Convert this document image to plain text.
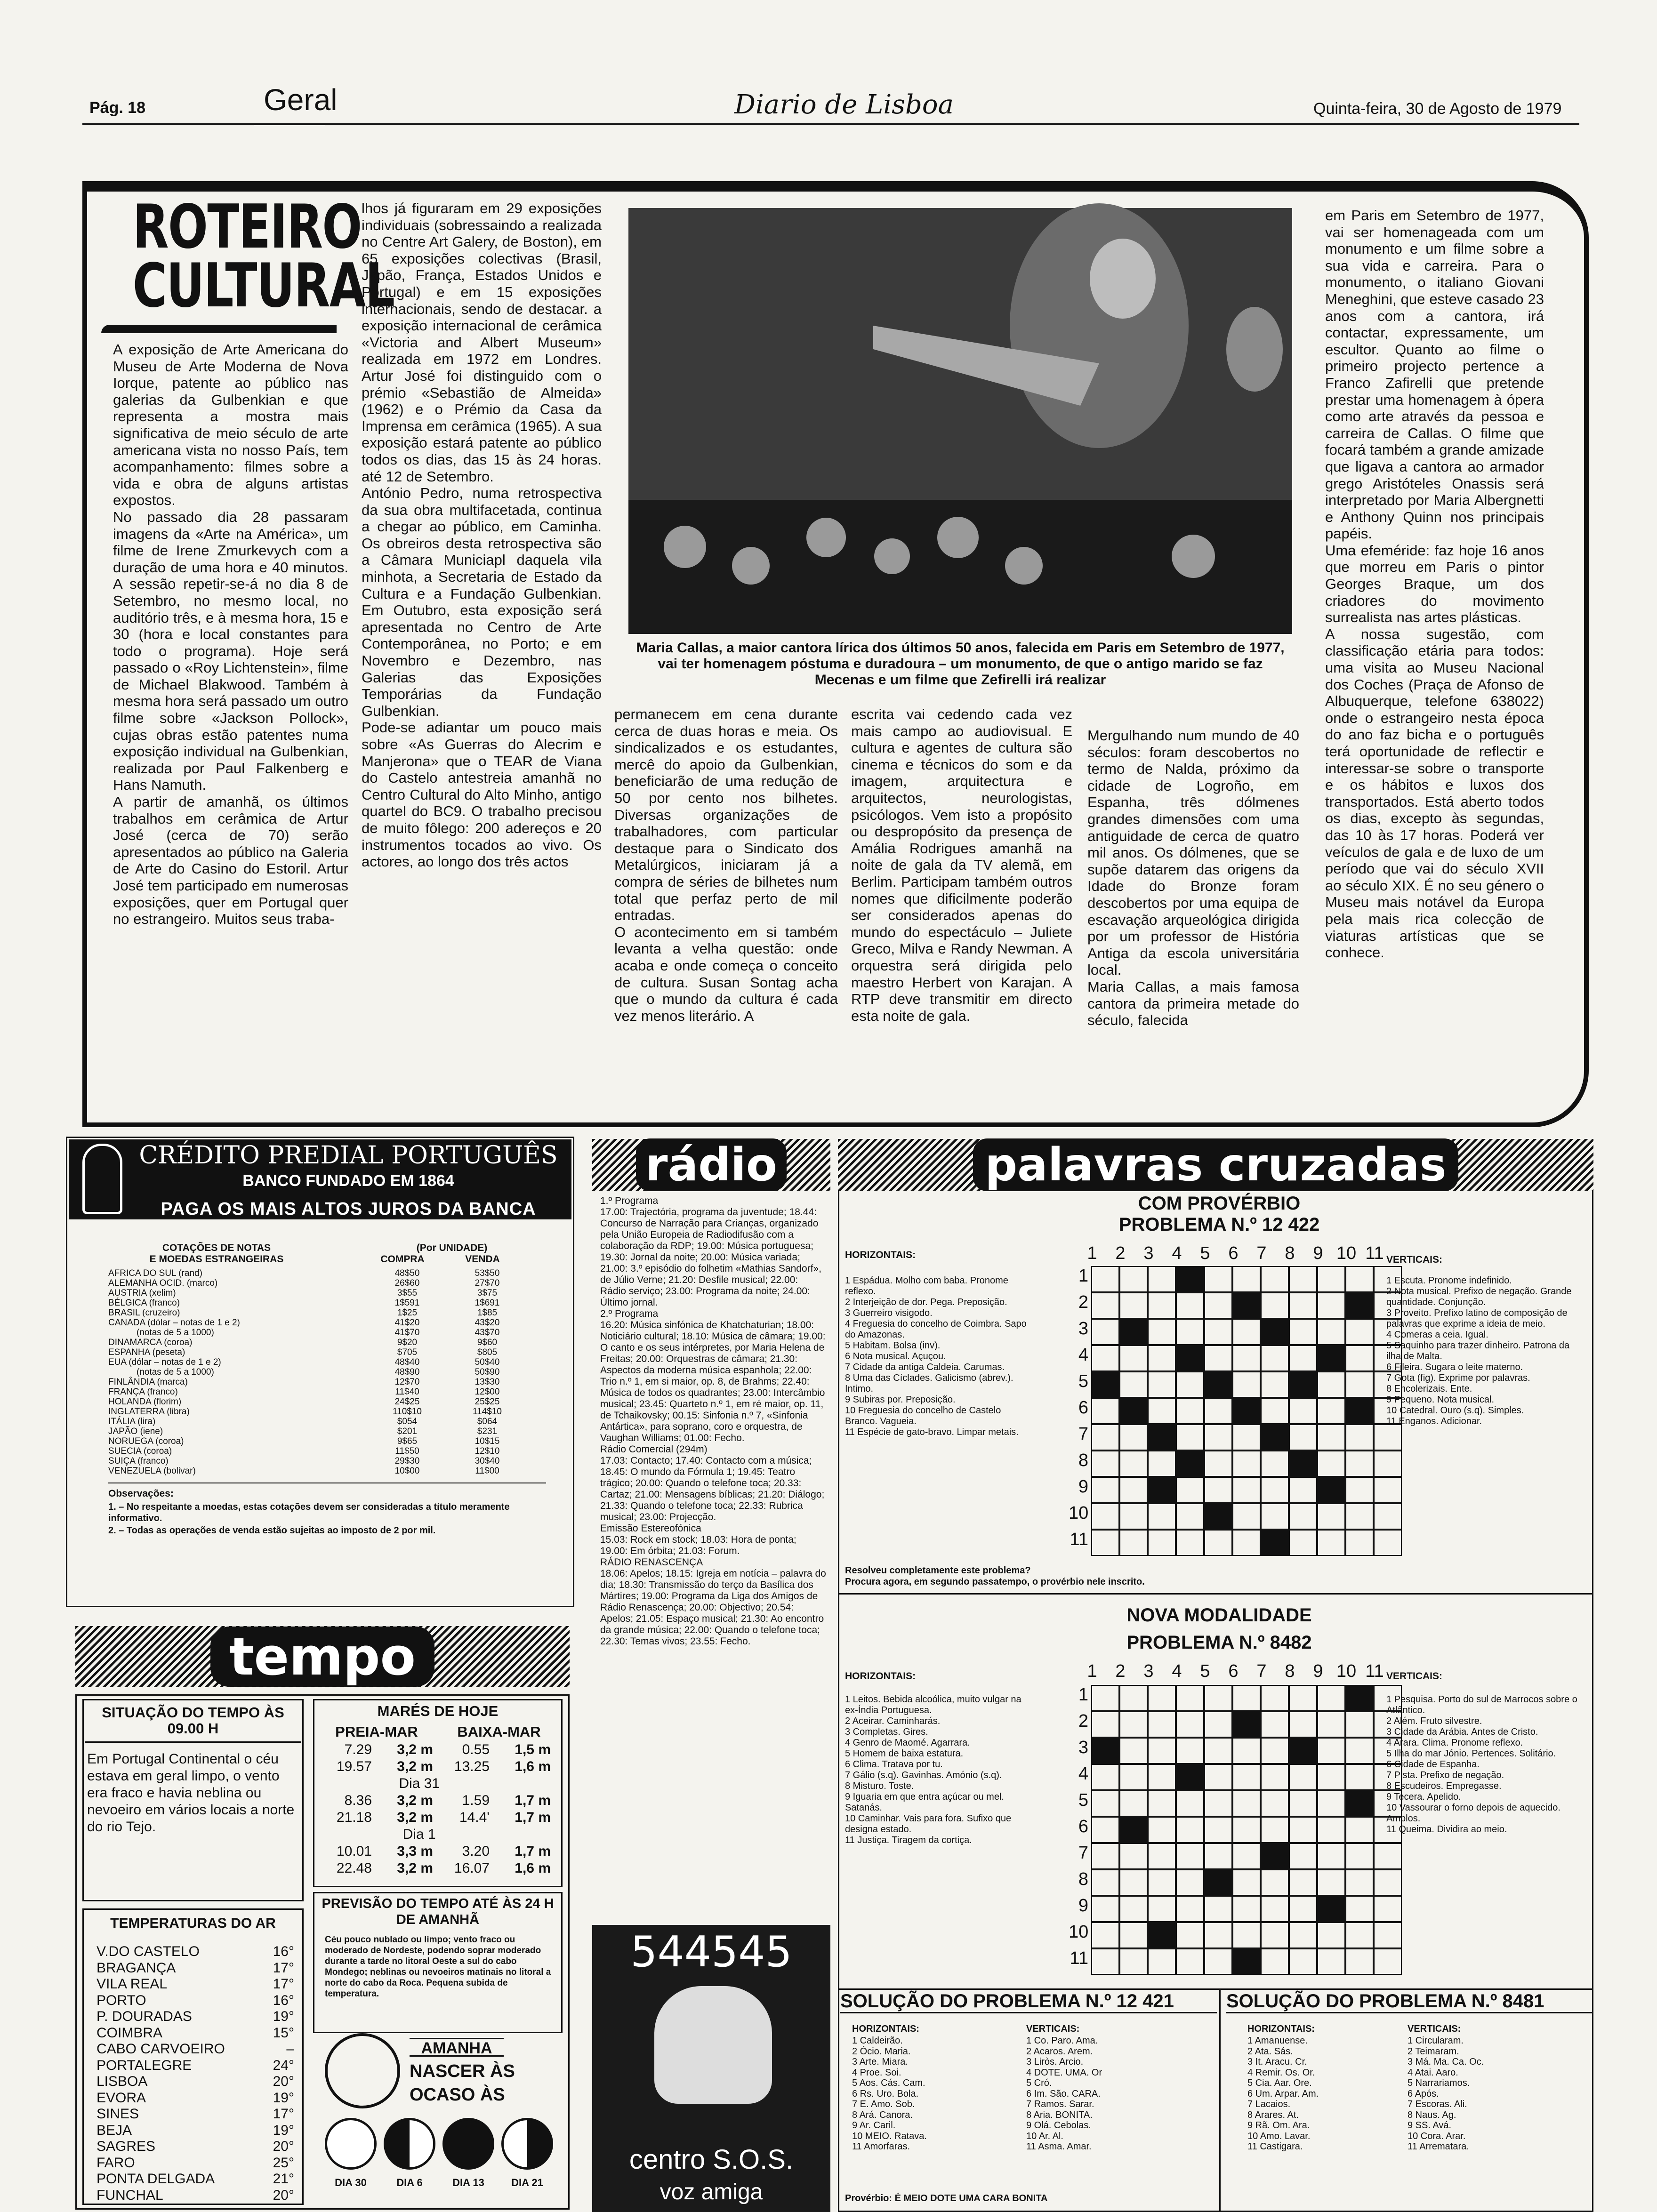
Pág. 18	Geral	Diario de Lisboa	Quinta-feira, 30 de Agosto de 1979
ROTEIRO
CULTURAL
A exposição de Arte Americana do Museu de Arte Moderna de Nova Iorque, patente ao público nas galerias da Gulbenkian e que representa a mostra mais significativa de meio século de arte americana vista no nosso País, tem acompanhamento: filmes sobre a vida e obra de alguns artistas expostos.
No passado dia 28 passaram imagens da «Arte na América», um filme de Irene Zmurkevych com a duração de uma hora e 40 minutos. A sessão repetir-se-á no dia 8 de Setembro, no mesmo local, no auditório três, e à mesma hora, 15 e 30 (hora e local constantes para todo o programa). Hoje será passado o «Roy Lichtenstein», filme de Michael Blakwood. Também à mesma hora será passado um outro filme sobre «Jackson Pollock», cujas obras estão patentes numa exposição individual na Gulbenkian, realizada por Paul Falkenberg e Hans Namuth.
A partir de amanhã, os últimos trabalhos em cerâmica de Artur José (cerca de 70) serão apresentados ao público na Galeria de Arte do Casino do Estoril. Artur José tem participado em numerosas exposições, quer em Portugal quer no estrangeiro. Muitos seus traba-
lhos já figuraram em 29 exposições individuais (sobressaindo a realizada no Centre Art Galery, de Boston), em 65 exposições colectivas (Brasil, Japão, França, Estados Unidos e Portugal) e em 15 exposições internacionais, sendo de destacar. a exposição internacional de cerâmica «Victoria and Albert Museum» realizada em 1972 em Londres. Artur José foi distinguido com o prémio «Sebastião de Almeida» (1962) e o Prémio da Casa da Imprensa em cerâmica (1965). A sua exposição estará patente ao público todos os dias, das 15 às 24 horas. até 12 de Setembro.
António Pedro, numa retrospectiva da sua obra multifacetada, continua a chegar ao público, em Caminha. Os obreiros desta retrospectiva são a Câmara Municiapl daquela vila minhota, a Secretaria de Estado da Cultura e a Fundação Gulbenkian. Em Outubro, esta exposição será apresentada no Centro de Arte Contemporânea, no Porto; e em Novembro e Dezembro, nas Galerias das Exposições Temporárias da Fundação Gulbenkian.
Pode-se adiantar um pouco mais sobre «As Guerras do Alecrim e Manjerona» que o TEAR de Viana do Castelo antestreia amanhã no Centro Cultural do Alto Minho, antigo quartel do BC9. O trabalho precisou de muito fôlego: 200 adereços e 20 instrumentos tocados ao vivo. Os actores, ao longo dos três actos
Maria Callas, a maior cantora lírica dos últimos 50 anos, falecida em Paris em Setembro de 1977, vai ter homenagem póstuma e duradoura – um monumento, de que o antigo marido se faz Mecenas e um filme que Zefirelli irá realizar
permanecem em cena durante cerca de duas horas e meia. Os sindicalizados e os estudantes, mercê do apoio da Gulbenkian, beneficiarão de uma redução de 50 por cento nos bilhetes. Diversas organizações de trabalhadores, com particular destaque para o Sindicato dos Metalúrgicos, iniciaram já a compra de séries de bilhetes num total que perfaz perto de mil entradas.
O acontecimento em si também levanta a velha questão: onde acaba e onde começa o conceito de cultura. Susan Sontag acha que o mundo da cultura é cada vez menos literário. A
escrita vai cedendo cada vez mais campo ao audiovisual. E cultura e agentes de cultura são cinema e técnicos do som e da imagem, arquitectura e arquitectos, neurologistas, psicólogos. Vem isto a propósito ou despropósito da presença de Amália Rodrigues amanhã na noite de gala da TV alemã, em Berlim. Participam também outros nomes que dificilmente poderão ser considerados apenas do mundo do espectáculo – Juliete Greco, Milva e Randy Newman. A orquestra será dirigida pelo maestro Herbert von Karajan. A RTP deve transmitir em directo esta noite de gala.
Mergulhando num mundo de 40 séculos: foram descobertos no termo de Nalda, próximo da cidade de Logroño, em Espanha, três dólmenes grandes dimensões com uma antiguidade de cerca de quatro mil anos. Os dólmenes, que se supõe datarem das origens da Idade do Bronze foram descobertos por uma equipa de escavação arqueológica dirigida por um professor de História Antiga da escola universitária local.
Maria Callas, a mais famosa cantora da primeira metade do século, falecida
em Paris em Setembro de 1977, vai ser homenageada com um monumento e um filme sobre a sua vida e carreira. Para o monumento, o italiano Giovani Meneghini, que esteve casado 23 anos com a cantora, irá contactar, expressamente, um escultor. Quanto ao filme o primeiro projecto pertence a Franco Zafirelli que pretende prestar uma homenagem à ópera como arte através da pessoa e carreira de Callas. O filme que focará também a grande amizade que ligava a cantora ao armador grego Aristóteles Onassis será interpretado por Maria Albergnetti e Anthony Quinn nos principais papéis.
Uma efeméride: faz hoje 16 anos que morreu em Paris o pintor Georges Braque, um dos criadores do movimento surrealista nas artes plásticas.
A nossa sugestão, com classificação etária para todos: uma visita ao Museu Nacional dos Coches (Praça de Afonso de Albuquerque, telefone 638022) onde o estrangeiro nesta época do ano faz bicha e o português terá oportunidade de reflectir e interessar-se sobre o transporte e os hábitos e luxos dos transportados. Está aberto todos os dias, excepto às segundas, das 10 às 17 horas. Poderá ver veículos de gala e de luxo de um período que vai do século XVII ao século XIX. É no seu género o Museu mais notável da Europa pela mais rica colecção de viaturas artísticas que se conhece.
CRÉDITO PREDIAL PORTUGUÊS
BANCO FUNDADO EM 1864
PAGA OS MAIS ALTOS JUROS DA BANCA
COTAÇÕES DE NOTAS	(Por UNIDADE)
E MOEDAS ESTRANGEIRAS	COMPRA	VENDA
AFRICA DO SUL (rand)	48$50	53$50
ALEMANHA OCID. (marco)	26$60	27$70
AUSTRIA (xelim)	3$55	3$75
BÉLGICA (franco)	1$591	1$691
BRASIL (cruzeiro)	1$25	1$85
CANADA (dólar – notas de 1 e 2)	41$20	43$20
(notas de 5 a 1000)	41$70	43$70
DINAMARCA (coroa)	9$20	9$60
ESPANHA (peseta)	$705	$805
EUA (dólar – notas de 1 e 2)	48$40	50$40
(notas de 5 a 1000)	48$90	50$90
FINLÂNDIA (marca)	12$70	13$30
FRANÇA (franco)	11$40	12$00
HOLANDA (florim)	24$25	25$25
INGLATERRA (libra)	110$10	114$10
ITÁLIA (lira)	$054	$064
JAPÃO (iene)	$201	$231
NORUEGA (coroa)	9$65	10$15
SUECIA (coroa)	11$50	12$10
SUIÇA (franco)	29$30	30$40
VENEZUELA (bolivar)	10$00	11$00
Observações:
1. – No respeitante a moedas, estas cotações devem ser consideradas a título meramente informativo.
2. – Todas as operações de venda estão sujeitas ao imposto de 2 por mil.
tempo
SITUAÇÃO DO TEMPO ÀS 09.00 H
Em Portugal Continental o céu estava em geral limpo, o vento era fraco e havia neblina ou nevoeiro em vários locais a norte do rio Tejo.
TEMPERATURAS DO AR
V.DO CASTELO	16°
BRAGANÇA	17°
VILA REAL	17°
PORTO	16°
P. DOURADAS	19°
COIMBRA	15°
CABO CARVOEIRO	–
PORTALEGRE	24°
LISBOA	20°
EVORA	19°
SINES	17°
BEJA	19°
SAGRES	20°
FARO	25°
PONTA DELGADA	21°
FUNCHAL	20°
MARÉS DE HOJE
PREIA-MAR	BAIXA-MAR
7.29	3,2 m	0.55	1,5 m
19.57	3,2 m	13.25	1,6 m
Dia 31
8.36	3,2 m	1.59	1,7 m
21.18	3,2 m	14.4'	1,7 m
Dia 1
10.01	3,3 m	3.20	1,7 m
22.48	3,2 m	16.07	1,6 m
PREVISÃO DO TEMPO ATÉ ÀS 24 H DE AMANHÃ
Céu pouco nublado ou limpo; vento fraco ou moderado de Nordeste, podendo soprar moderado durante a tarde no litoral Oeste a sul do cabo Mondego; neblinas ou nevoeiros matinais no litoral a norte do cabo da Roca. Pequena subida de temperatura.
AMANHA
NASCER ÀS
OCASO ÀS
DIA 30	DIA 6	DIA 13	DIA 21
rádio
1.º Programa
17.00: Trajectória, programa da juventude; 18.44: Concurso de Narração para Crianças, organizado pela União Europeia de Radiodifusão com a colaboração da RDP; 19.00: Música portuguesa; 19.30: Jornal da noite; 20.00: Música variada; 21.00: 3.º episódio do folhetim «Mathias Sandorf», de Júlio Verne; 21.20: Desfile musical; 22.00: Rádio serviço; 23.00: Programa da noite; 24.00: Último jornal.
2.º Programa
16.20: Música sinfónica de Khatchaturian; 18.00: Noticiário cultural; 18.10: Música de câmara; 19.00: O canto e os seus intérpretes, por Maria Helena de Freitas; 20.00: Orquestras de câmara; 21.30: Aspectos da moderna música espanhola; 22.00: Trio n.º 1, em si maior, op. 8, de Brahms; 22.40: Música de todos os quadrantes; 23.00: Intercâmbio musical; 23.45: Quarteto n.º 1, em ré maior, op. 11, de Tchaikovsky; 00.15: Sinfonia n.º 7, «Sinfonia Antártica», para soprano, coro e orquestra, de Vaughan Williams; 01.00: Fecho.
Rádio Comercial (294m)
17.03: Contacto; 17.40: Contacto com a música; 18.45: O mundo da Fórmula 1; 19.45: Teatro trágico; 20.00: Quando o telefone toca; 20.33: Cartaz; 21.00: Mensagens bíblicas; 21.20: Diálogo; 21.33: Quando o telefone toca; 22.33: Rubrica musical; 23.00: Projecção.
Emissão Estereofónica
15.03: Rock em stock; 18.03: Hora de ponta; 19.00: Em órbita; 21.03: Forum.
RÁDIO RENASCENÇA
18.06: Apelos; 18.15: Igreja em notícia – palavra do dia; 18.30: Transmissão do terço da Basílica dos Mártires; 19.00: Programa da Liga dos Amigos de Rádio Renascença; 20.00: Objectivo; 20.54: Apelos; 21.05: Espaço musical; 21.30: Ao encontro da grande música; 22.00: Quando o telefone toca; 22.30: Temas vivos; 23.55: Fecho.
544545
centro S.O.S.
voz amiga
palavras cruzadas
COM PROVÉRBIO
PROBLEMA N.º 12 422
HORIZONTAIS:
1 Espádua. Molho com baba. Pronome reflexo.
2 Interjeição de dor. Pega. Preposição.
3 Guerreiro visigodo.
4 Freguesia do concelho de Coimbra. Sapo do Amazonas.
5 Habitam. Bolsa (inv).
6 Nota musical. Açuçou.
7 Cidade da antiga Caldeia. Carumas.
8 Uma das Cíclades. Galicismo (abrev.). Intimo.
9 Subiras por. Preposição.
10 Freguesia do concelho de Castelo Branco. Vagueia.
11 Espécie de gato-bravo. Limpar metais.
1	2	3	4	5	6	7	8	9 10 11
1
2
3
4
5
6
7
8
9
10
11
VERTICAIS:
1 Escuta. Pronome indefinido.
2 Nota musical. Prefixo de negação. Grande quantidade. Conjunção.
3 Proveito. Prefixo latino de composição de palavras que exprime a ideia de meio.
4 Comeras a ceia. Igual.
5 Saquinho para trazer dinheiro. Patrona da ilha de Malta.
6 Fileira. Sugara o leite materno.
7 Gota (fig). Exprime por palavras.
8 Encolerizais. Ente.
9 Pequeno. Nota musical.
10 Catedral. Ouro (s.q). Simples.
11 Enganos. Adicionar.
Resolveu completamente este problema?
Procura agora, em segundo passatempo, o provérbio nele inscrito.
NOVA MODALIDADE
PROBLEMA N.º 8482
HORIZONTAIS:
1 Leitos. Bebida alcoólica, muito vulgar na ex-Índia Portuguesa.
2 Aceirar. Caminharás.
3 Completas. Gires.
4 Genro de Maomé. Agarrara.
5 Homem de baixa estatura.
6 Clima. Tratava por tu.
7 Gálio (s.q). Gavinhas. Amónio (s.q).
8 Misturo. Toste.
9 Iguaria em que entra açúcar ou mel. Satanás.
10 Caminhar. Vais para fora. Sufixo que designa estado.
11 Justiça. Tiragem da cortiça.
1	2	3	4	5	6	7	8	9 10 11
1
2
3
4
5
6
7
8
9
10
11
VERTICAIS:
1 Pesquisa. Porto do sul de Marrocos sobre o Atlântico.
2 Além. Fruto silvestre.
3 Cidade da Arábia. Antes de Cristo.
4 Arara. Clima. Pronome reflexo.
5 Ilha do mar Jónio. Pertences. Solitário.
6 Cidade de Espanha.
7 Pista. Prefixo de negação.
8 Escudeiros. Empregasse.
9 Tecera. Apelido.
10 Vassourar o forno depois de aquecido. Amplos.
11 Queima. Dividira ao meio.
SOLUÇÃO DO PROBLEMA N.º 12 421
HORIZONTAIS:
1 Caldeirão.
2 Ócio. Maria.
3 Arte. Miara.
4 Proe. Soi.
5 Aos. Cás. Cam.
6 Rs. Uro. Bola.
7 E. Amo. Sob.
8 Ará. Canora.
9 Ar. Caril.
10 MEIO. Ratava.
11 Amorfaras.
VERTICAIS:
1 Co. Paro. Ama.
2 Acaros. Arem.
3 Liròs. Arcio.
4 DOTE. UMA. Or
5 Cró.
6 Im. São. CARA.
7 Ramos. Sarar.
8 Aria. BONITA.
9 Olá. Cebolas.
10 Ar. Al.
11 Asma. Amar.
Provérbio: É MEIO DOTE UMA CARA BONITA
SOLUÇÃO DO PROBLEMA N.º 8481
HORIZONTAIS:
1 Amanuense.
2 Ata. Sás.
3 It. Aracu. Cr.
4 Remir. Os. Or.
5 Cia. Aar. Ore.
6 Um. Arpar. Am.
7 Lacaios.
8 Arares. At.
9 Rã. Om. Ara.
10 Amo. Lavar.
11 Castigara.
VERTICAIS:
1 Circularam.
2 Teimaram.
3 Má. Ma. Ca. Oc.
4 Atai. Aaro.
5 Narrariamos.
6 Após.
7 Escoras. Ali.
8 Naus. Ag.
9 SS. Avá.
10 Cora. Arar.
11 Arrematara.
